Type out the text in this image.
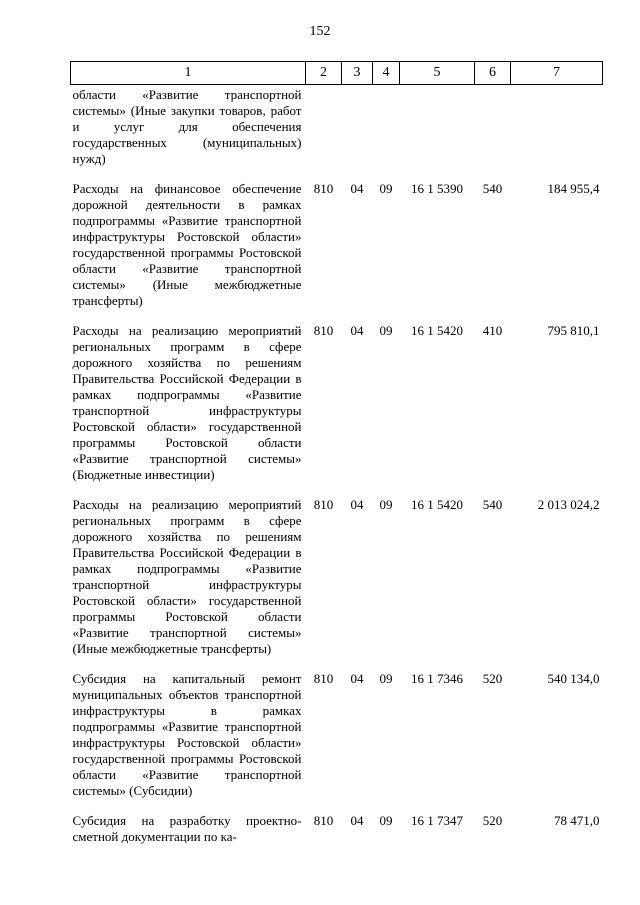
152
1	2	3	4	5	6	7
области «Развитие транспортной системы» (Иные закупки товаров, работ и услуг для обеспечения государственных (муниципальных) нужд)						
Расходы на финансовое обеспечение дорожной деятельности в рамках подпрограммы «Развитие транспортной инфраструктуры Ростовской области» государственной программы Ростовской области «Развитие транспортной системы» (Иные межбюджетные трансферты)	810	04	09	16 1 5390	540	184 955,4
Расходы на реализацию мероприятий региональных программ в сфере дорожного хозяйства по решениям Правительства Российской Федерации в рамках подпрограммы «Развитие транспортной инфраструктуры Ростовской области» государственной программы Ростовской области «Развитие транспортной системы» (Бюджетные инвестиции)	810	04	09	16 1 5420	410	795 810,1
Расходы на реализацию мероприятий региональных программ в сфере дорожного хозяйства по решениям Правительства Российской Федерации в рамках подпрограммы «Развитие транспортной инфраструктуры Ростовской области» государственной программы Ростовской области «Развитие транспортной системы» (Иные межбюджетные трансферты)	810	04	09	16 1 5420	540	2 013 024,2
Субсидия на капитальный ремонт муниципальных объектов транспортной инфраструктуры в рамках подпрограммы «Развитие транспортной инфраструктуры Ростовской области» государственной программы Ростовской области «Развитие транспортной системы» (Субсидии)	810	04	09	16 1 7346	520	540 134,0
Субсидия на разработку проектно-сметной документации по ка-	810	04	09	16 1 7347	520	78 471,0
